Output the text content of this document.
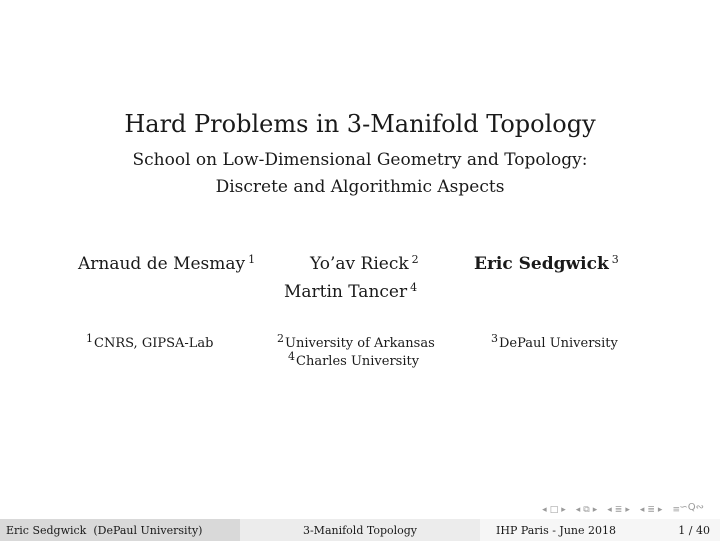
Hard Problems in 3-Manifold Topology
School on Low-Dimensional Geometry and Topology:
Discrete and Algorithmic Aspects
Arnaud de Mesmay $^1$	Yo’av Rieck $^2$	Eric Sedgwick $^3$
Martin Tancer $^4$
$^1$CNRS, GIPSA-Lab	$^2$University of Arkansas	$^3$DePaul University
$^4$Charles University
◂ □ ▸ ◂ ⧉ ▸ ◂ ≣ ▸ ◂ ≣ ▸ ≡ ∽Q∾
Eric Sedgwick  (DePaul University)	3-Manifold Topology	IHP Paris - June 2018	1 / 40
